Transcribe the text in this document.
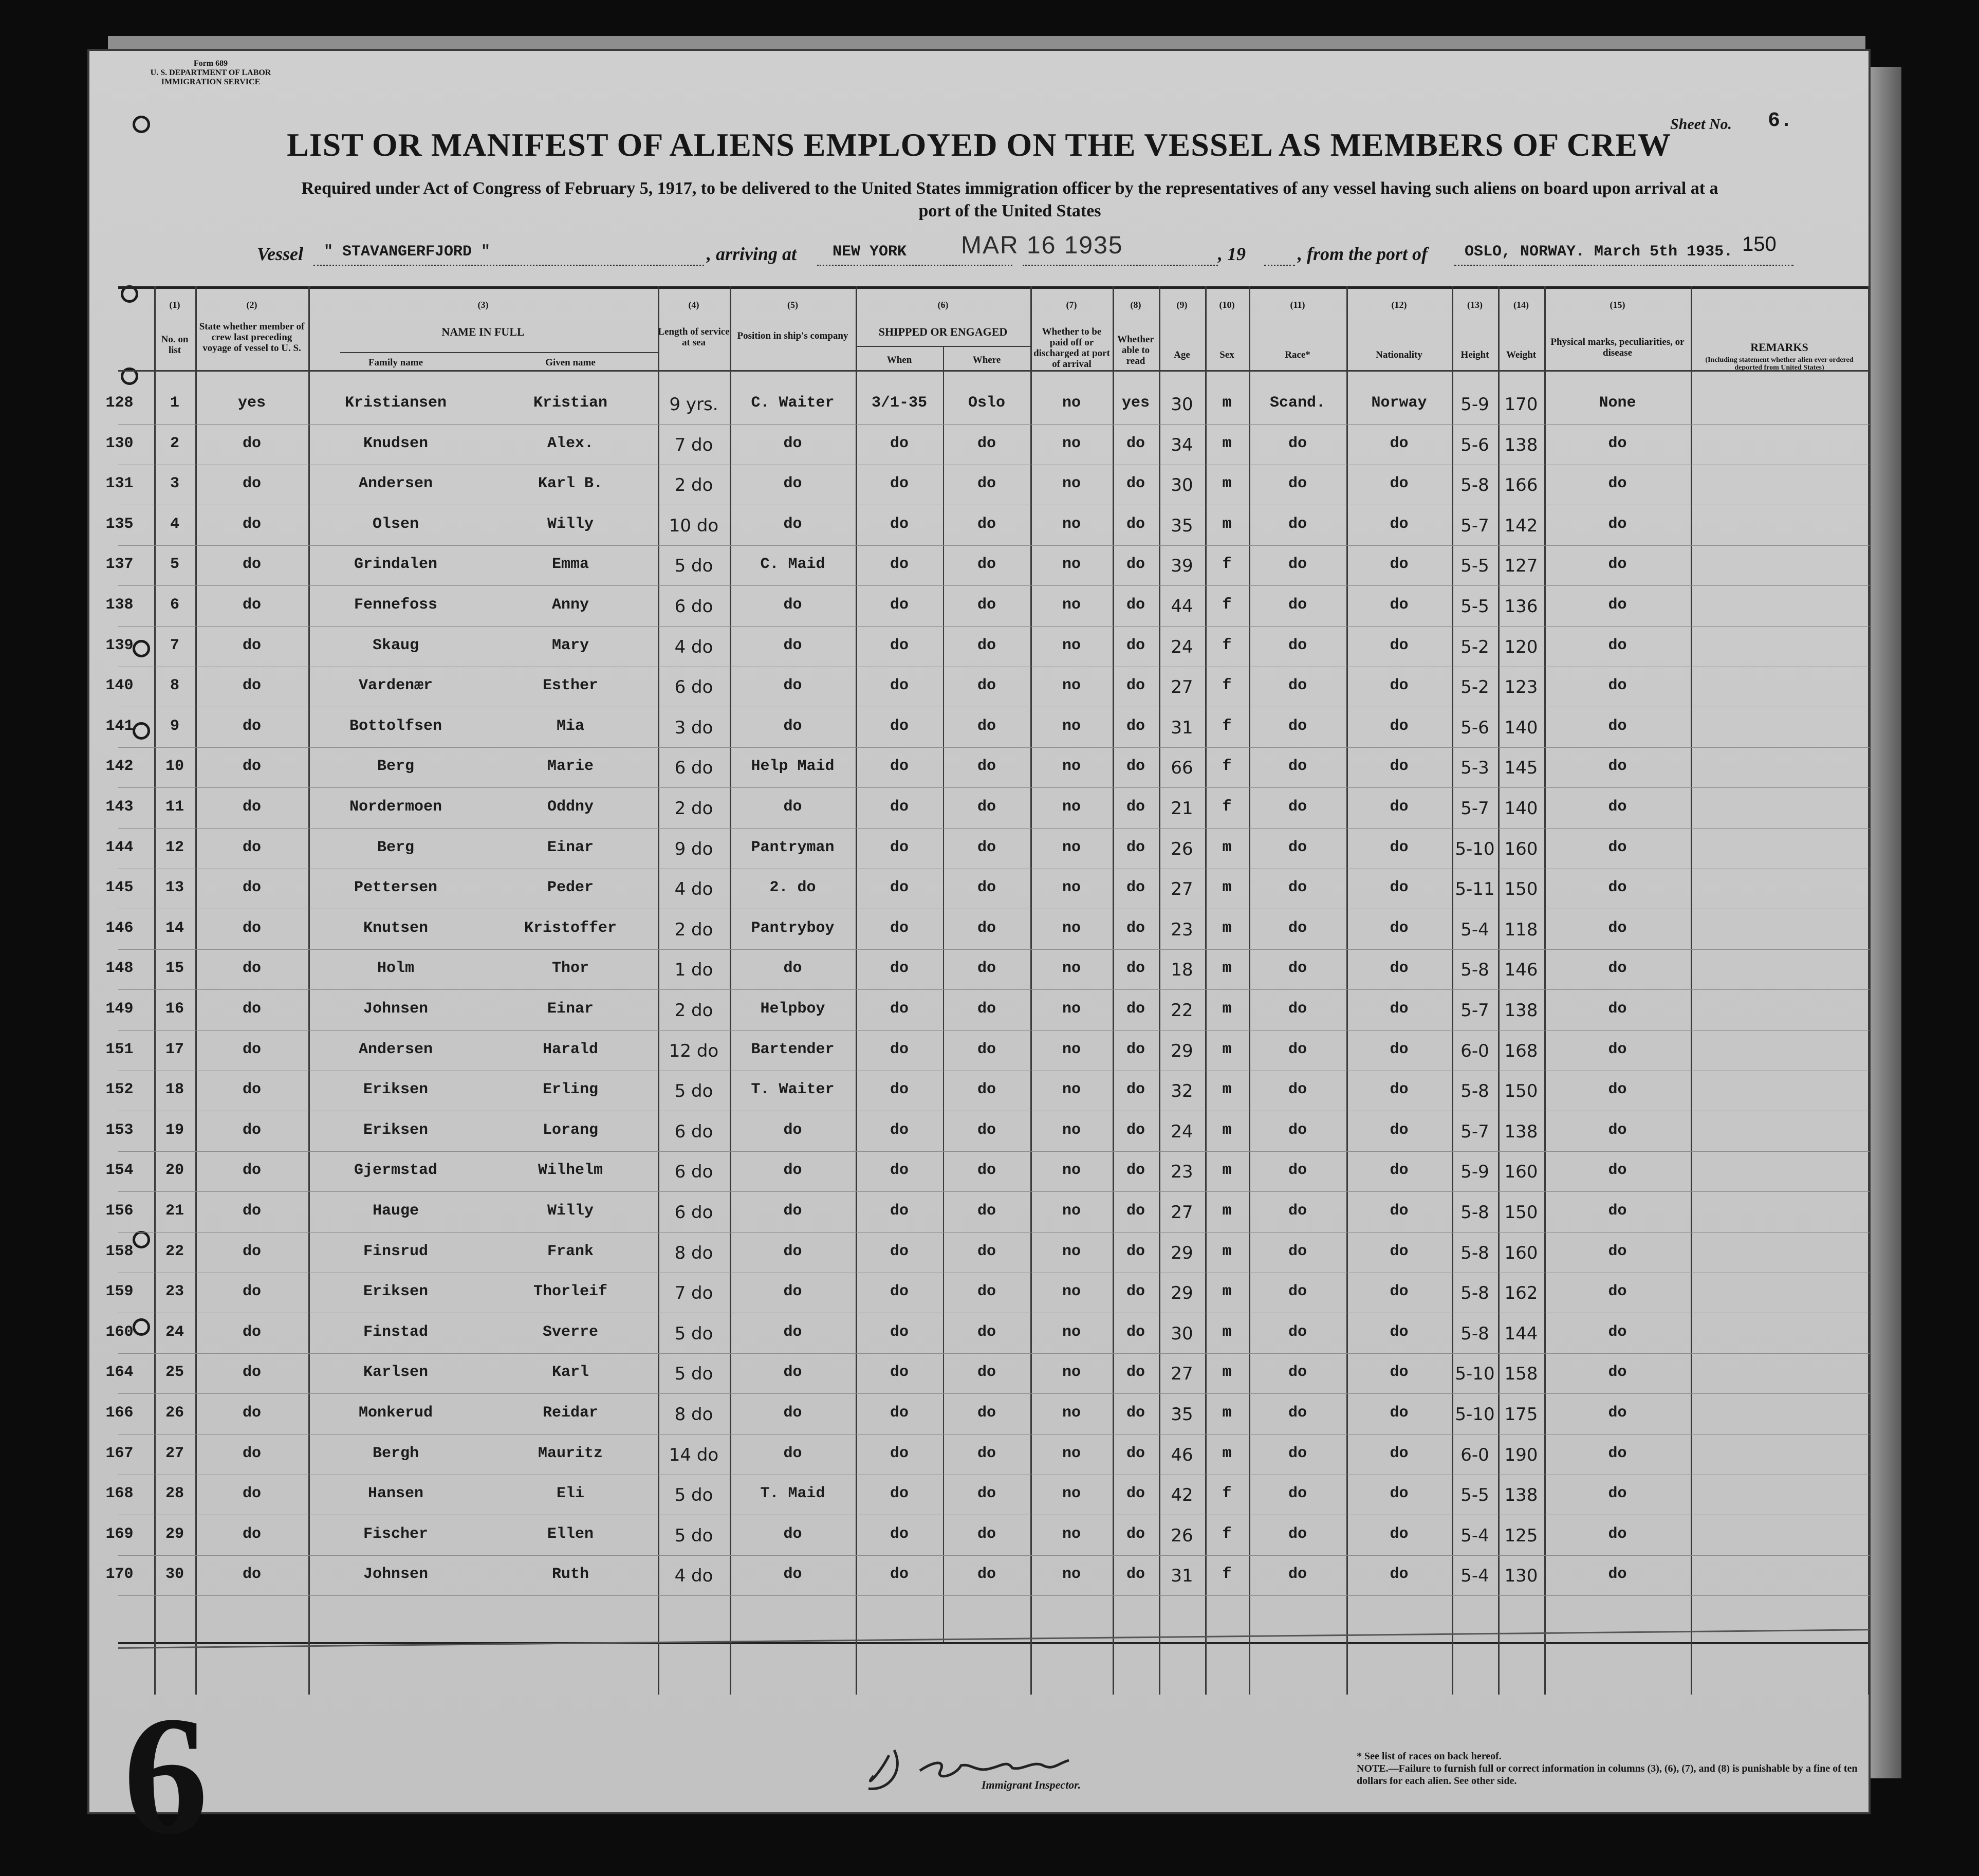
Form 689
U. S. DEPARTMENT OF LABOR
IMMIGRATION SERVICE
LIST OR MANIFEST OF ALIENS EMPLOYED ON THE VESSEL AS MEMBERS OF CREW
Sheet No. 6.
Required under Act of Congress of February 5, 1917, to be delivered to the United States immigration officer by the representatives of any vessel having such aliens on board upon arrival at a
port of the United States
Vessel " STAVANGERFJORD "	, arriving at NEW YORK MAR 16 1935	, 19	, from the port of OSLO, NORWAY. March 5th 1935. 150
(1)	(2)	(3)	(4)	(5)	(6)	(7)	(8)	(9)	(10)	(11)	(12)	(13)	(14)	(15)
No. on list
State whether member of crew last preceding voyage of vessel to U. S.
NAME IN FULL
Family name	Given name
Length of service at sea
Position in ship's company	SHIPPED OR ENGAGED
When	Where
Whether to be paid off or discharged at port of arrival
Whether able to read
Age	Sex	Race*	Nationality	Height	Weight
Physical marks, peculiarities, or disease	REMARKS
(Including statement whether alien ever ordered deported from United States)
128	1	yes	Kristiansen	Kristian	9 yrs.	C. Waiter	3/1-35	Oslo	no	yes	30	m	Scand.	Norway	5-9 170	None
130	2	do	Knudsen	Alex.	7 do	do	do	do	no	do	34	m	do	do	5-6 138	do
131	3	do	Andersen	Karl B.	2 do	do	do	do	no	do	30	m	do	do	5-8 166	do
135	4	do	Olsen	Willy	10 do	do	do	do	no	do	35	m	do	do	5-7 142	do
137	5	do	Grindalen	Emma	5 do	C. Maid	do	do	no	do	39	f	do	do	5-5 127	do
138	6	do	Fennefoss	Anny	6 do	do	do	do	no	do	44	f	do	do	5-5 136	do
139	7	do	Skaug	Mary	4 do	do	do	do	no	do	24	f	do	do	5-2 120	do
140	8	do	Vardenær	Esther	6 do	do	do	do	no	do	27	f	do	do	5-2 123	do
141	9	do	Bottolfsen	Mia	3 do	do	do	do	no	do	31	f	do	do	5-6 140	do
142	10	do	Berg	Marie	6 do	Help Maid	do	do	no	do	66	f	do	do	5-3 145	do
143	11	do	Nordermoen	Oddny	2 do	do	do	do	no	do	21	f	do	do	5-7 140	do
144	12	do	Berg	Einar	9 do	Pantryman	do	do	no	do	26	m	do	do	5-10 160	do
145	13	do	Pettersen	Peder	4 do	2. do	do	do	no	do	27	m	do	do	5-11 150	do
146	14	do	Knutsen	Kristoffer	2 do	Pantryboy	do	do	no	do	23	m	do	do	5-4 118	do
148	15	do	Holm	Thor	1 do	do	do	do	no	do	18	m	do	do	5-8 146	do
149	16	do	Johnsen	Einar	2 do	Helpboy	do	do	no	do	22	m	do	do	5-7 138	do
151	17	do	Andersen	Harald	12 do	Bartender	do	do	no	do	29	m	do	do	6-0 168	do
152	18	do	Eriksen	Erling	5 do	T. Waiter	do	do	no	do	32	m	do	do	5-8 150	do
153	19	do	Eriksen	Lorang	6 do	do	do	do	no	do	24	m	do	do	5-7 138	do
154	20	do	Gjermstad	Wilhelm	6 do	do	do	do	no	do	23	m	do	do	5-9 160	do
156	21	do	Hauge	Willy	6 do	do	do	do	no	do	27	m	do	do	5-8 150	do
158	22	do	Finsrud	Frank	8 do	do	do	do	no	do	29	m	do	do	5-8 160	do
159	23	do	Eriksen	Thorleif	7 do	do	do	do	no	do	29	m	do	do	5-8 162	do
160	24	do	Finstad	Sverre	5 do	do	do	do	no	do	30	m	do	do	5-8 144	do
164	25	do	Karlsen	Karl	5 do	do	do	do	no	do	27	m	do	do	5-10 158	do
166	26	do	Monkerud	Reidar	8 do	do	do	do	no	do	35	m	do	do	5-10 175	do
167	27	do	Bergh	Mauritz	14 do	do	do	do	no	do	46	m	do	do	6-0 190	do
168	28	do	Hansen	Eli	5 do	T. Maid	do	do	no	do	42	f	do	do	5-5 138	do
169	29	do	Fischer	Ellen	5 do	do	do	do	no	do	26	f	do	do	5-4 125	do
170	30	do	Johnsen	Ruth	4 do	do	do	do	no	do	31	f	do	do	5-4 130	do
6	Immigrant Inspector.
* See list of races on back hereof.
NOTE.—Failure to furnish full or correct information in columns (3), (6), (7), and (8) is punishable by a fine of ten dollars for each alien. See other side.
